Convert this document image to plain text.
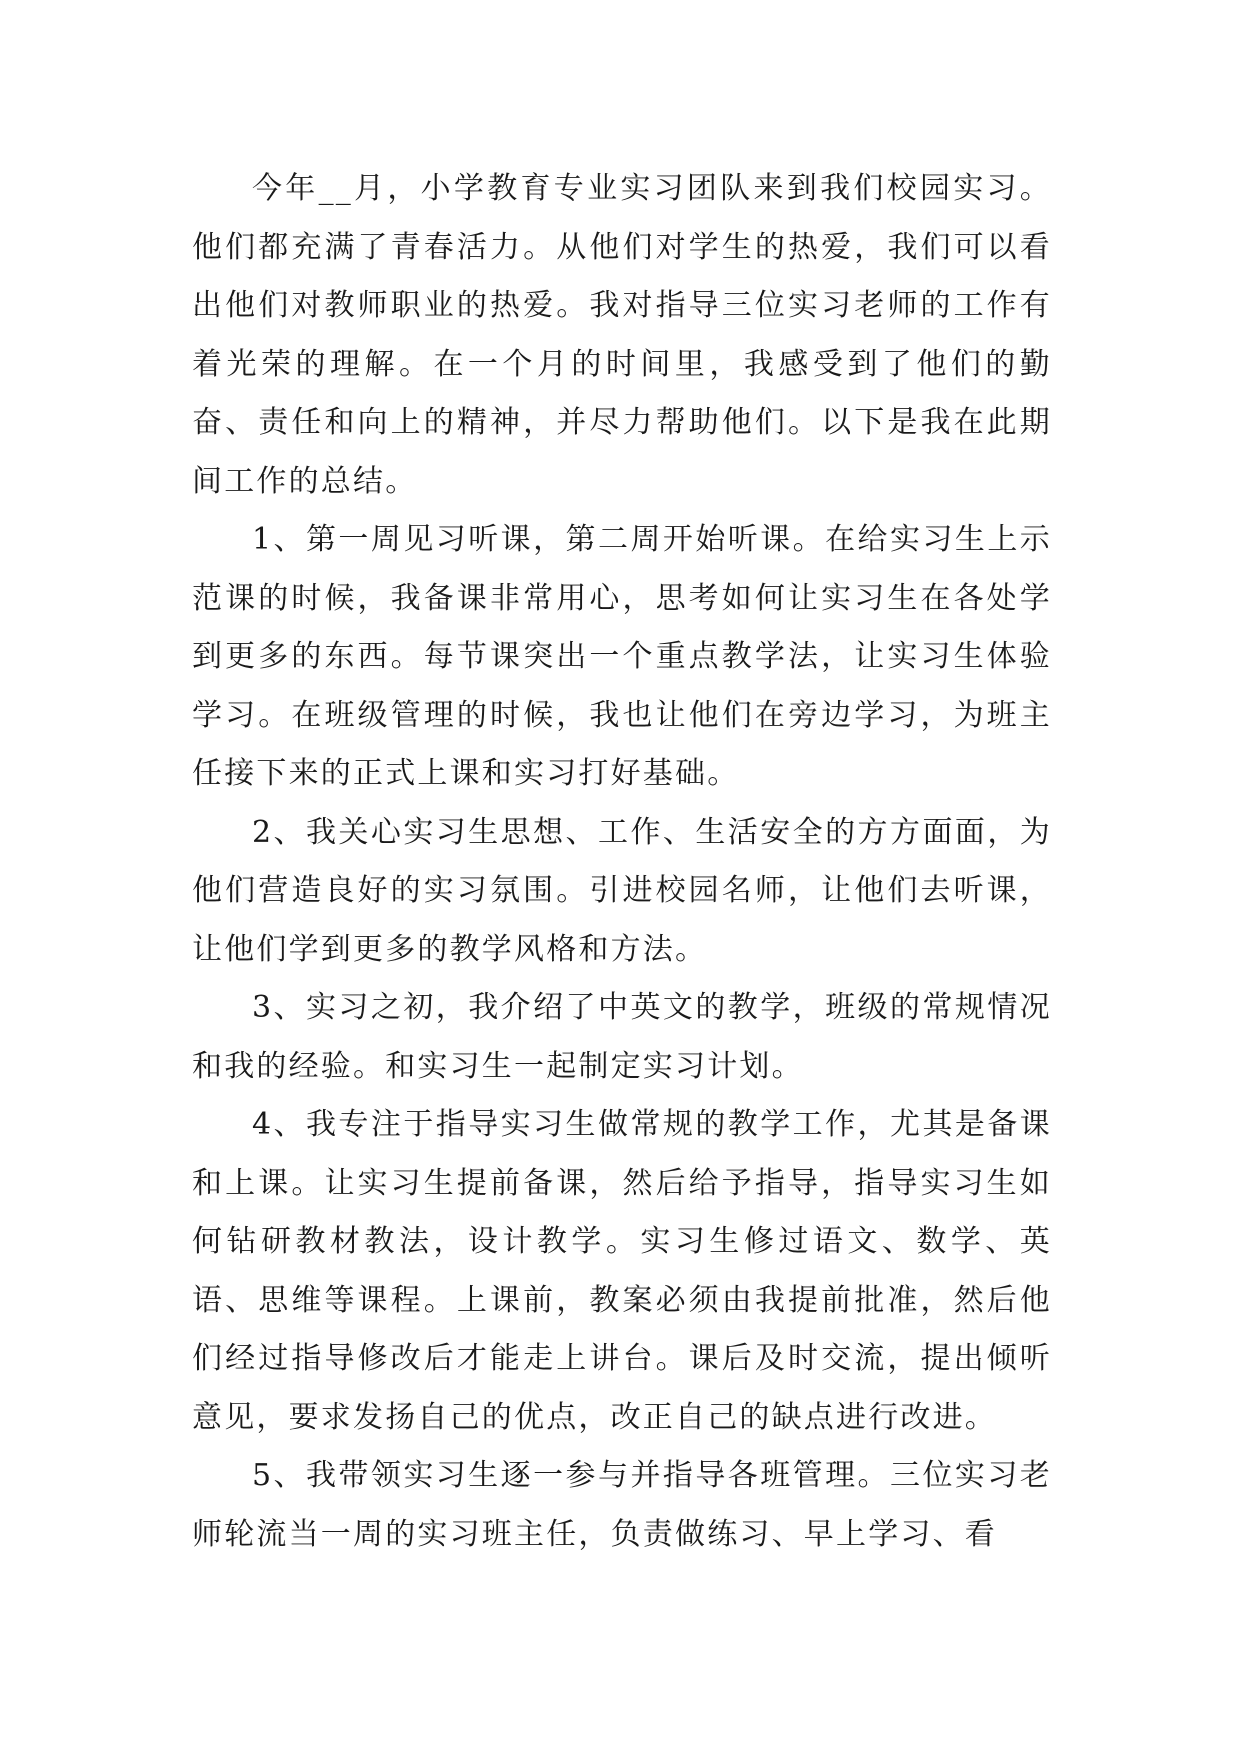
今年__月，小学教育专业实习团队来到我们校园实习。他们都充满了青春活力。从他们对学生的热爱，我们可以看出他们对教师职业的热爱。我对指导三位实习老师的工作有着光荣的理解。在一个月的时间里，我感受到了他们的勤奋、责任和向上的精神，并尽力帮助他们。以下是我在此期间工作的总结。

1、第一周见习听课，第二周开始听课。在给实习生上示范课的时候，我备课非常用心，思考如何让实习生在各处学到更多的东西。每节课突出一个重点教学法，让实习生体验学习。在班级管理的时候，我也让他们在旁边学习，为班主任接下来的正式上课和实习打好基础。

2、我关心实习生思想、工作、生活安全的方方面面，为他们营造良好的实习氛围。引进校园名师，让他们去听课，让他们学到更多的教学风格和方法。

3、实习之初，我介绍了中英文的教学，班级的常规情况和我的经验。和实习生一起制定实习计划。

4、我专注于指导实习生做常规的教学工作，尤其是备课和上课。让实习生提前备课，然后给予指导，指导实习生如何钻研教材教法，设计教学。实习生修过语文、数学、英语、思维等课程。上课前，教案必须由我提前批准，然后他们经过指导修改后才能走上讲台。课后及时交流，提出倾听意见，要求发扬自己的优点，改正自己的缺点进行改进。

5、我带领实习生逐一参与并指导各班管理。三位实习老师轮流当一周的实习班主任，负责做练习、早上学习、看
